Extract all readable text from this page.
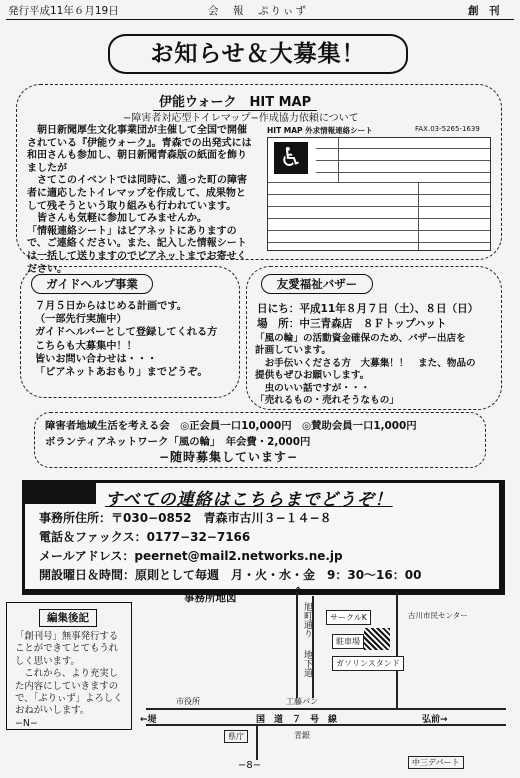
発行平成11年６月19日	会　報　ぷりぃず	創　刊
お知らせ＆大募集！
伊能ウォーク　HIT MAP
−障害者対応型トイレマップ−作成協力依頼について
　朝日新聞厚生文化事業団が主催して全国で開催されている『伊能ウォーク』。青森での出発式には和田さんも参加し、朝日新聞青森版の紙面を飾りましたが
　さてこのイベントでは同時に、通った町の障害者に適応したトイレマップを作成して、成果物として残そうという取り組みも行われています。
　皆さんも気軽に参加してみませんか。
「情報連絡シート」はピアネットにありますので、ご連絡ください。また、記入した情報シートは一括して送りますのでピアネットまでお寄せください。
HIT MAP 外求情報連絡シート	FAX.03-5265-1639
♿
ガイドヘルプ事業
７月５日からはじめる計画です。
（一部先行実施中）
ガイドヘルパーとして登録してくれる方
こちらも大募集中！！
皆いお問い合わせは・・・
「ピアネットあおもり」までどうぞ。
友愛福祉バザー
日にち：平成11年８月７日（土）、８日（日）
場　所：中三青森店　８Ｆトップハット
「風の輪」の活動資金確保のため、バザー出店を
計画しています。
　お手伝いくださる方　大募集！！　また、物品の
提供もぜひお願いします。
　虫のいい話ですが・・・
「売れるもの・売れそうなもの」
障害者地域生活を考える会　◎正会員一口10,000円　◎賛助会員一口1,000円
ボランティアネットワーク「風の輪」　年会費・2,000円
−随時募集しています−
すべての連絡はこちらまでどうぞ！
事務所住所：〒030−0852　青森市古川３−１４−８
電話＆ファックス：0177−32−7166
メールアドレス：peernet@mail2.networks.ne.jp
開設曜日＆時間：原則として毎週　月・火・水・金　9：30〜16：00
編集後記
「創刊号」無事発行することができてとてもうれしく思います。
　これから、より充実した内容にしていきますので、「ぷりぃず」よろしくおねがいします。
−N−
事務所地図
↑
旭町通り
地下道
サークルK	古川市民センター
駐車場
ガソリンスタンド
市役所	工藤パン
国　道　７　号　線	弘前→
←堤
県庁	青銀
中三デパート
−8−
